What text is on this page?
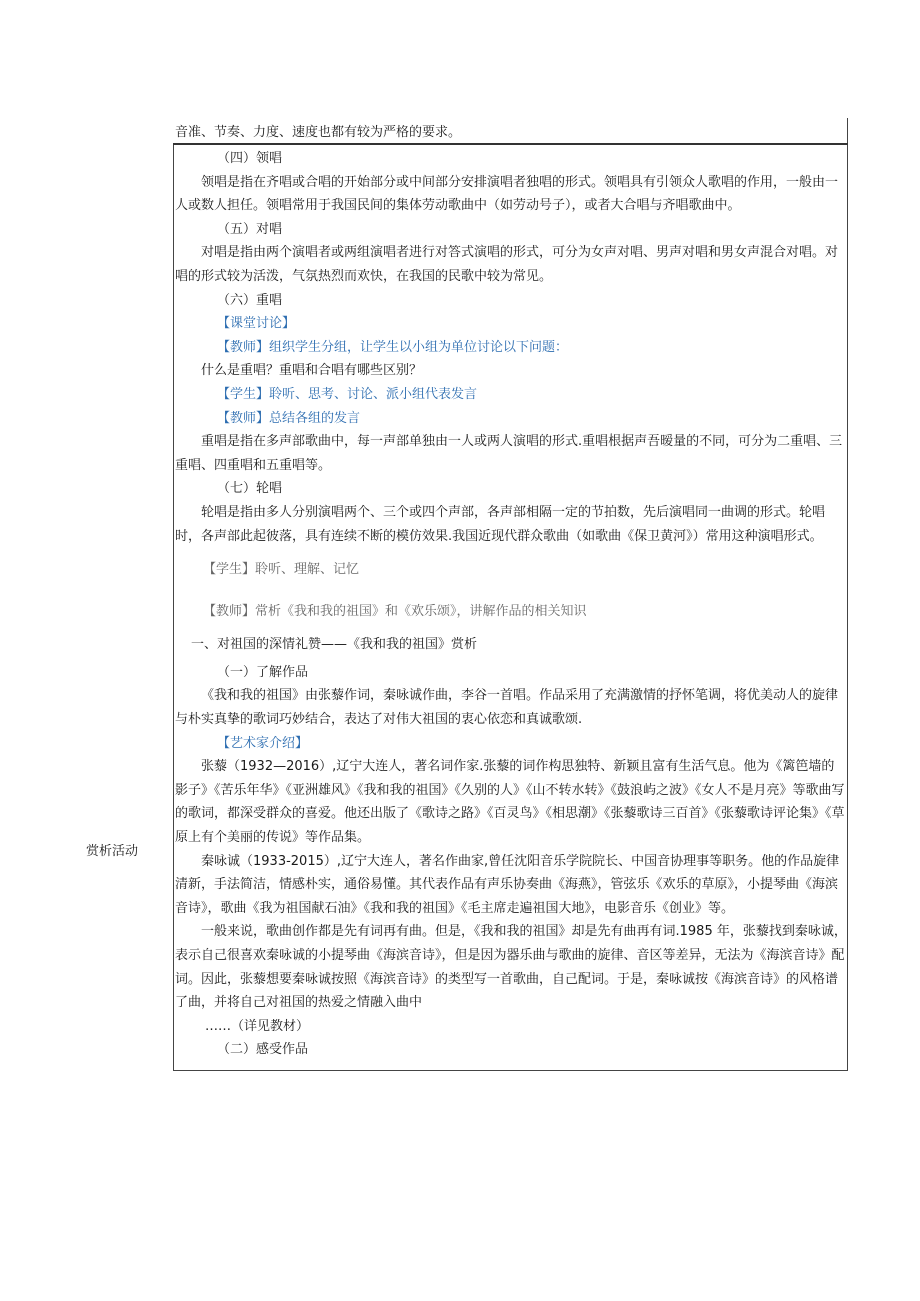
音准、节奏、力度、速度也都有较为严格的要求。

赏析活动

（四）领唱

领唱是指在齐唱或合唱的开始部分或中间部分安排演唱者独唱的形式。领唱具有引领众人歌唱的作用，一般由一人或数人担任。领唱常用于我国民间的集体劳动歌曲中（如劳动号子），或者大合唱与齐唱歌曲中。

（五）对唱

对唱是指由两个演唱者或两组演唱者进行对答式演唱的形式，可分为女声对唱、男声对唱和男女声混合对唱。对唱的形式较为活泼，气氛热烈而欢快，在我国的民歌中较为常见。

（六）重唱

【课堂讨论】

【教师】组织学生分组，让学生以小组为单位讨论以下问题：

什么是重唱？重唱和合唱有哪些区别？

【学生】聆听、思考、讨论、派小组代表发言

【教师】总结各组的发言

重唱是指在多声部歌曲中，每一声部单独由一人或两人演唱的形式.重唱根据声吾暧量的不同，可分为二重唱、三重唱、四重唱和五重唱等。

（七）轮唱

轮唱是指由多人分别演唱两个、三个或四个声部，各声部相隔一定的节拍数，先后演唱同一曲调的形式。轮唱时，各声部此起彼落，具有连续不断的模仿效果.我国近现代群众歌曲（如歌曲《保卫黄河》）常用这种演唱形式。

【学生】聆听、理解、记忆

【教师】常析《我和我的祖国》和《欢乐颂》，讲解作品的相关知识

一、对祖国的深情礼赞——《我和我的祖国》赏析

（一）了解作品

《我和我的祖国》由张藜作词，秦咏诚作曲，李谷一首唱。作品采用了充满激情的抒怀笔调，将优美动人的旋律与朴实真挚的歌词巧妙结合，表达了对伟大祖国的衷心依恋和真诚歌颂.

【艺术家介绍】

张藜（1932—2016）,辽宁大连人，著名词作家.张藜的词作构思独特、新颖且富有生活气息。他为《篱笆墙的影子》《苦乐年华》《亚洲雄风》《我和我的祖国》《久别的人》《山不转水转》《鼓浪屿之波》《女人不是月亮》等歌曲写的歌词，都深受群众的喜爱。他还出版了《歌诗之路》《百灵鸟》《相思潮》《张藜歌诗三百首》《张藜歌诗评论集》《草原上有个美丽的传说》等作品集。

秦咏诚（1933-2015）,辽宁大连人，著名作曲家,曾任沈阳音乐学院院长、中国音协理事等职务。他的作品旋律清新，手法简洁，情感朴实，通俗易懂。其代表作品有声乐协奏曲《海燕》，管弦乐《欢乐的草原》，小提琴曲《海滨音诗》，歌曲《我为祖国献石油》《我和我的祖国》《毛主席走遍祖国大地》，电影音乐《创业》等。

一般来说，歌曲创作都是先有词再有曲。但是，《我和我的祖国》却是先有曲再有词.1985 年，张藜找到秦咏诚，表示自己很喜欢秦咏诚的小提琴曲《海滨音诗》，但是因为器乐曲与歌曲的旋律、音区等差异，无法为《海滨音诗》配词。因此，张藜想要秦咏诚按照《海滨音诗》的类型写一首歌曲，自己配词。于是，秦咏诚按《海滨音诗》的风格谱了曲，并将自己对祖国的热爱之情融入曲中

……（详见教材）

（二）感受作品
